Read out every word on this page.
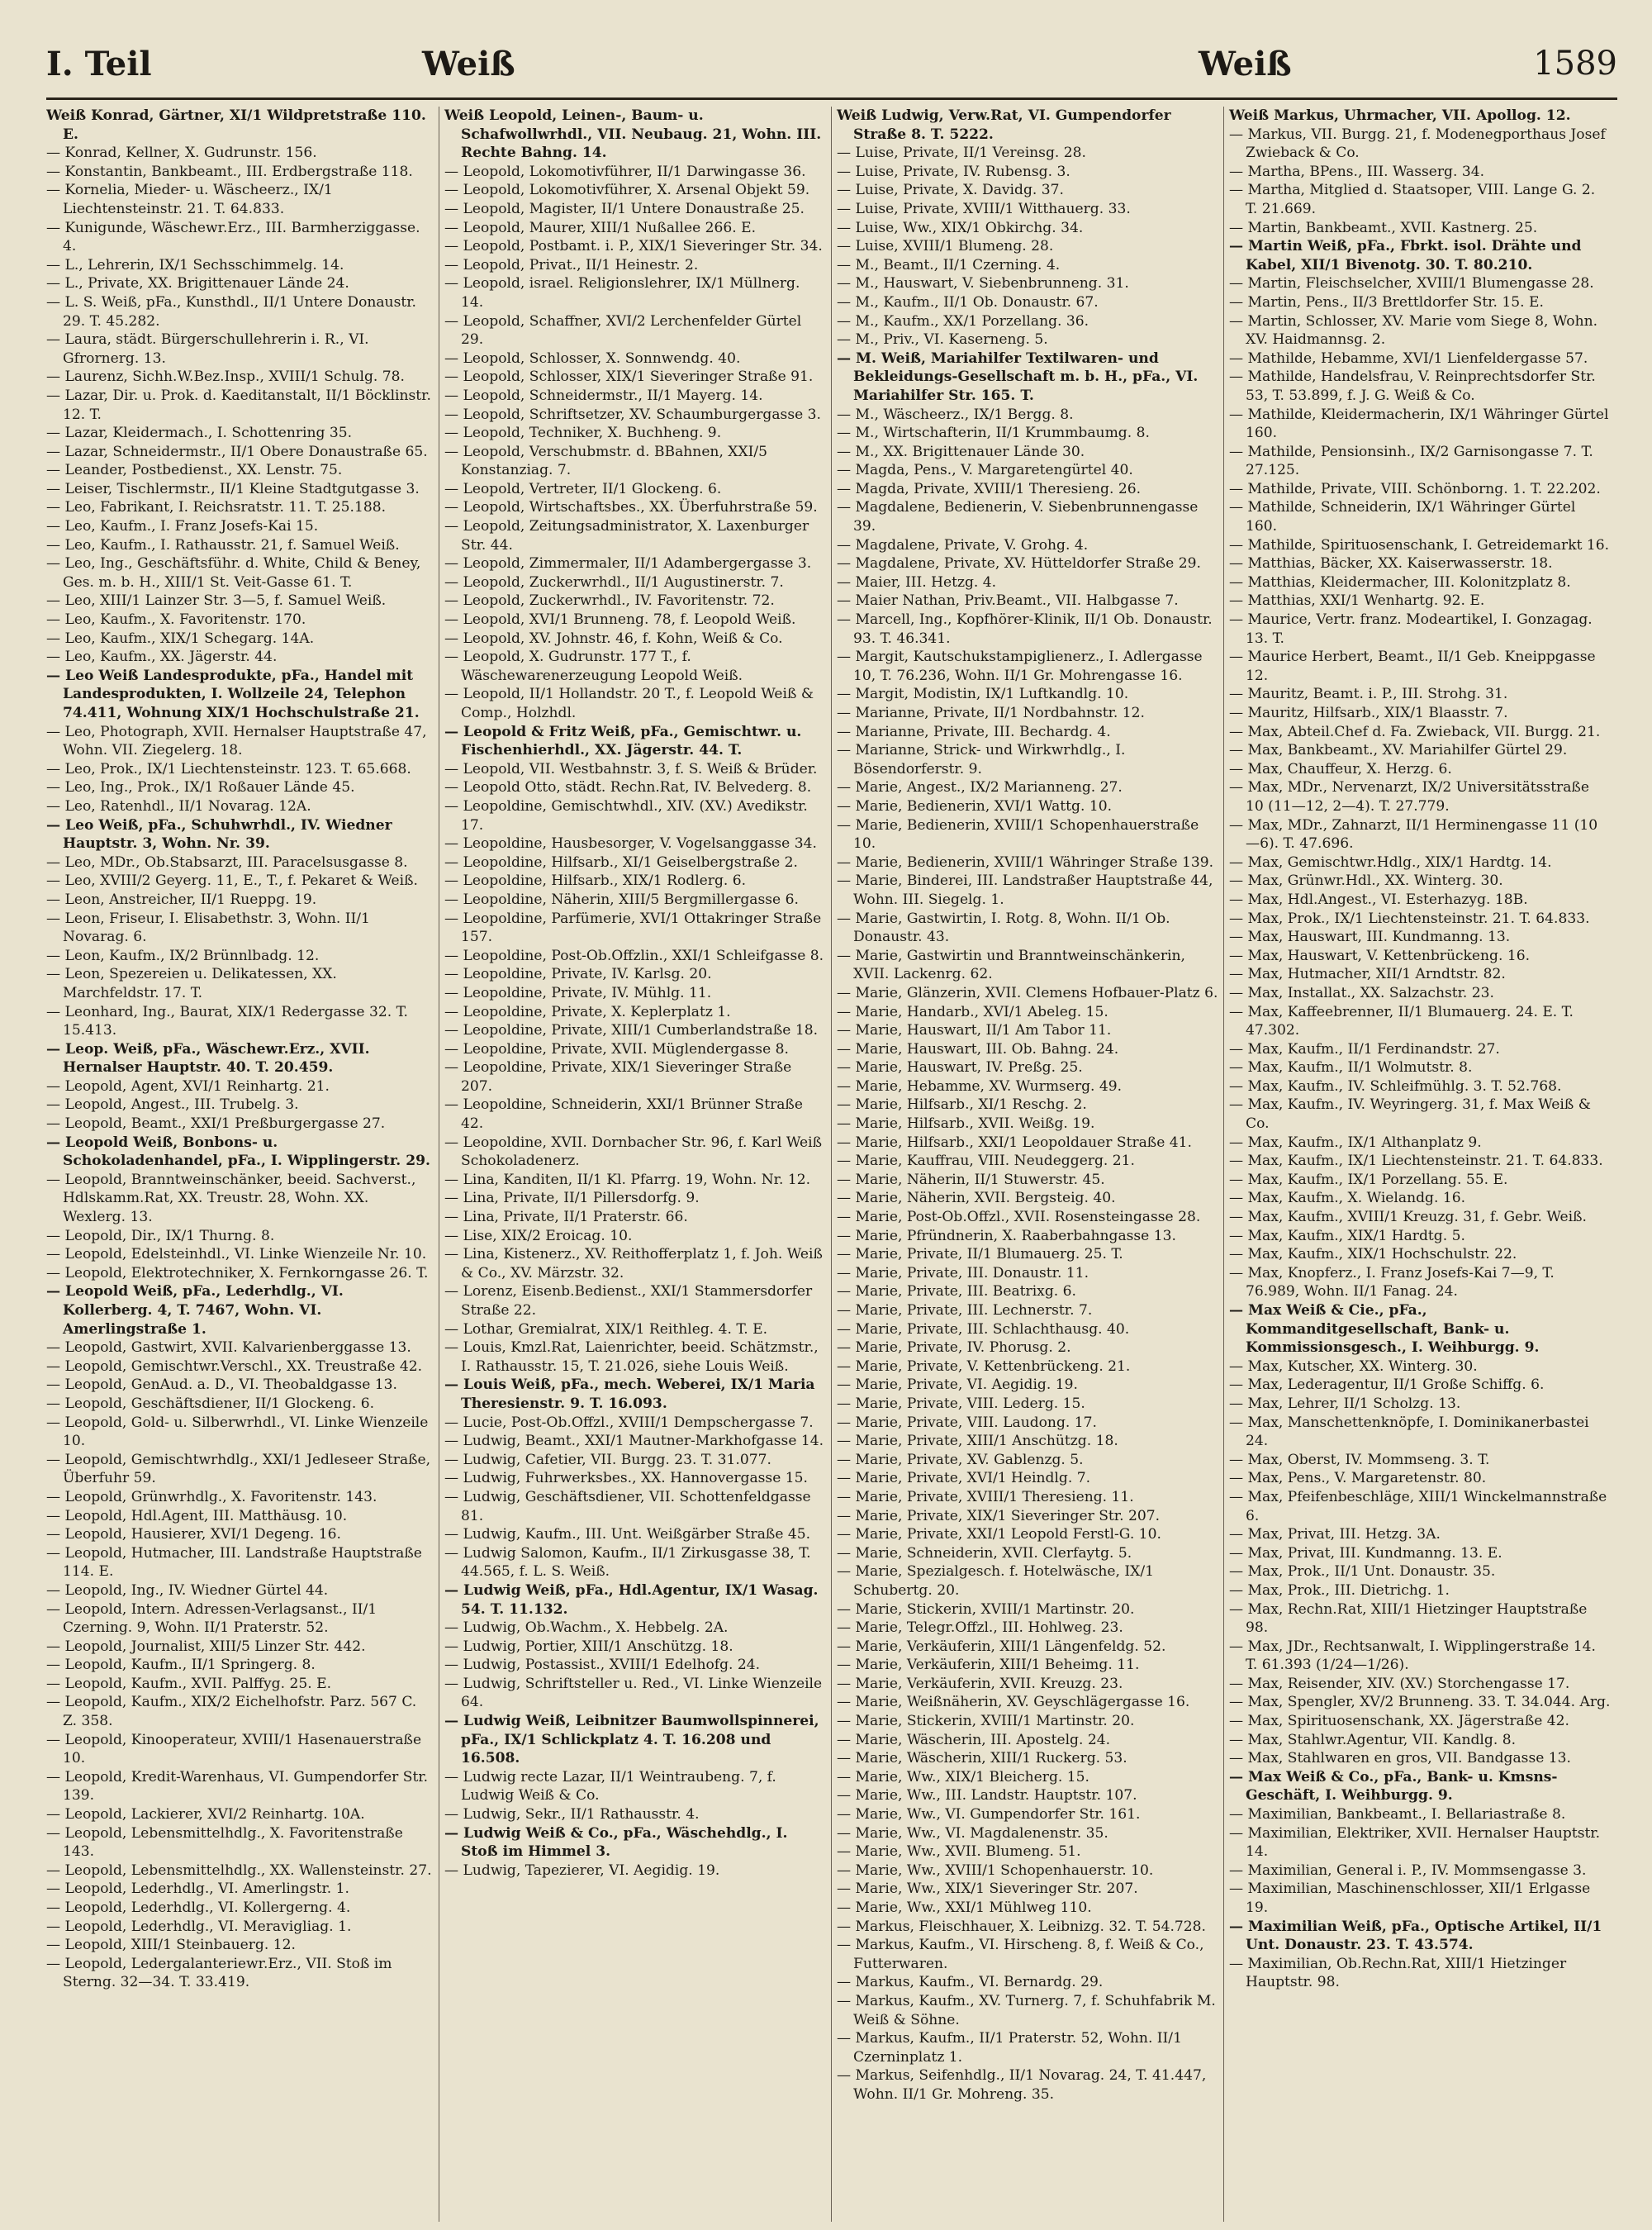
I. Teil	Weiß	Weiß	1589

Weiß Konrad, Gärtner, XI/1 Wildpretstraße 110. E.

— Konrad, Kellner, X. Gudrunstr. 156.

— Konstantin, Bankbeamt., III. Erdbergstraße 118.

— Kornelia, Mieder- u. Wäscheerz., IX/1 Liechtensteinstr. 21. T. 64.833.

— Kunigunde, Wäschewr.Erz., III. Barmherziggasse. 4.

— L., Lehrerin, IX/1 Sechsschimmelg. 14.

— L., Private, XX. Brigittenauer Lände 24.

— L. S. Weiß, pFa., Kunsthdl., II/1 Untere Donaustr. 29. T. 45.282.

— Laura, städt. Bürgerschullehrerin i. R., VI. Gfrornerg. 13.

— Laurenz, Sichh.W.Bez.Insp., XVIII/1 Schulg. 78.

— Lazar, Dir. u. Prok. d. Kaeditanstalt, II/1 Böcklinstr. 12. T.

— Lazar, Kleidermach., I. Schottenring 35.

— Lazar, Schneidermstr., II/1 Obere Donaustraße 65.

— Leander, Postbedienst., XX. Lenstr. 75.

— Leiser, Tischlermstr., II/1 Kleine Stadtgutgasse 3.

— Leo, Fabrikant, I. Reichsratstr. 11. T. 25.188.

— Leo, Kaufm., I. Franz Josefs-Kai 15.

— Leo, Kaufm., I. Rathausstr. 21, f. Samuel Weiß.

— Leo, Ing., Geschäftsführ. d. White, Child & Beney, Ges. m. b. H., XIII/1 St. Veit-Gasse 61. T.

— Leo, XIII/1 Lainzer Str. 3—5, f. Samuel Weiß.

— Leo, Kaufm., X. Favoritenstr. 170.

— Leo, Kaufm., XIX/1 Schegarg. 14A.

— Leo, Kaufm., XX. Jägerstr. 44.

— Leo Weiß Landesprodukte, pFa., Handel mit Landesprodukten, I. Wollzeile 24, Telephon 74.411, Wohnung XIX/1 Hochschulstraße 21.

— Leo, Photograph, XVII. Hernalser Hauptstraße 47, Wohn. VII. Ziegelerg. 18.

— Leo, Prok., IX/1 Liechtensteinstr. 123. T. 65.668.

— Leo, Ing., Prok., IX/1 Roßauer Lände 45.

— Leo, Ratenhdl., II/1 Novarag. 12A.

— Leo Weiß, pFa., Schuhwrhdl., IV. Wiedner Hauptstr. 3, Wohn. Nr. 39.

— Leo, MDr., Ob.Stabsarzt, III. Paracelsusgasse 8.

— Leo, XVIII/2 Geyerg. 11, E., T., f. Pekaret & Weiß.

— Leon, Anstreicher, II/1 Rueppg. 19.

— Leon, Friseur, I. Elisabethstr. 3, Wohn. II/1 Novarag. 6.

— Leon, Kaufm., IX/2 Brünnlbadg. 12.

— Leon, Spezereien u. Delikatessen, XX. Marchfeldstr. 17. T.

— Leonhard, Ing., Baurat, XIX/1 Redergasse 32. T. 15.413.

— Leop. Weiß, pFa., Wäschewr.Erz., XVII. Hernalser Hauptstr. 40. T. 20.459.

— Leopold, Agent, XVI/1 Reinhartg. 21.

— Leopold, Angest., III. Trubelg. 3.

— Leopold, Beamt., XXI/1 Preßburgergasse 27.

— Leopold Weiß, Bonbons- u. Schokoladenhandel, pFa., I. Wipplingerstr. 29.

— Leopold, Branntweinschänker, beeid. Sachverst., Hdlskamm.Rat, XX. Treustr. 28, Wohn. XX. Wexlerg. 13.

— Leopold, Dir., IX/1 Thurng. 8.

— Leopold, Edelsteinhdl., VI. Linke Wienzeile Nr. 10.

— Leopold, Elektrotechniker, X. Fernkorngasse 26. T.

— Leopold Weiß, pFa., Lederhdlg., VI. Kollerberg. 4, T. 7467, Wohn. VI. Amerlingstraße 1.

— Leopold, Gastwirt, XVII. Kalvarienberggasse 13.

— Leopold, Gemischtwr.Verschl., XX. Treustraße 42.

— Leopold, GenAud. a. D., VI. Theobaldgasse 13.

— Leopold, Geschäftsdiener, II/1 Glockeng. 6.

— Leopold, Gold- u. Silberwrhdl., VI. Linke Wienzeile 10.

— Leopold, Gemischtwrhdlg., XXI/1 Jedleseer Straße, Überfuhr 59.

— Leopold, Grünwrhdlg., X. Favoritenstr. 143.

— Leopold, Hdl.Agent, III. Matthäusg. 10.

— Leopold, Hausierer, XVI/1 Degeng. 16.

— Leopold, Hutmacher, III. Landstraße Hauptstraße 114. E.

— Leopold, Ing., IV. Wiedner Gürtel 44.

— Leopold, Intern. Adressen-Verlagsanst., II/1 Czerning. 9, Wohn. II/1 Praterstr. 52.

— Leopold, Journalist, XIII/5 Linzer Str. 442.

— Leopold, Kaufm., II/1 Springerg. 8.

— Leopold, Kaufm., XVII. Palffyg. 25. E.

— Leopold, Kaufm., XIX/2 Eichelhofstr. Parz. 567 C. Z. 358.

— Leopold, Kinooperateur, XVIII/1 Hasenauerstraße 10.

— Leopold, Kredit-Warenhaus, VI. Gumpendorfer Str. 139.

— Leopold, Lackierer, XVI/2 Reinhartg. 10A.

— Leopold, Lebensmittelhdlg., X. Favoritenstraße 143.

— Leopold, Lebensmittelhdlg., XX. Wallensteinstr. 27.

— Leopold, Lederhdlg., VI. Amerlingstr. 1.

— Leopold, Lederhdlg., VI. Kollergerng. 4.

— Leopold, Lederhdlg., VI. Meravigliag. 1.

— Leopold, XIII/1 Steinbauerg. 12.

— Leopold, Ledergalanteriewr.Erz., VII. Stoß im Sterng. 32—34. T. 33.419.

Weiß Leopold, Leinen-, Baum- u. Schafwollwrhdl., VII. Neubaug. 21, Wohn. III. Rechte Bahng. 14.

— Leopold, Lokomotivführer, II/1 Darwingasse 36.

— Leopold, Lokomotivführer, X. Arsenal Objekt 59.

— Leopold, Magister, II/1 Untere Donaustraße 25.

— Leopold, Maurer, XIII/1 Nußallee 266. E.

— Leopold, Postbamt. i. P., XIX/1 Sieveringer Str. 34.

— Leopold, Privat., II/1 Heinestr. 2.

— Leopold, israel. Religionslehrer, IX/1 Müllnerg. 14.

— Leopold, Schaffner, XVI/2 Lerchenfelder Gürtel 29.

— Leopold, Schlosser, X. Sonnwendg. 40.

— Leopold, Schlosser, XIX/1 Sieveringer Straße 91.

— Leopold, Schneidermstr., II/1 Mayerg. 14.

— Leopold, Schriftsetzer, XV. Schaumburgergasse 3.

— Leopold, Techniker, X. Buchheng. 9.

— Leopold, Verschubmstr. d. BBahnen, XXI/5 Konstanziag. 7.

— Leopold, Vertreter, II/1 Glockeng. 6.

— Leopold, Wirtschaftsbes., XX. Überfuhrstraße 59.

— Leopold, Zeitungsadministrator, X. Laxenburger Str. 44.

— Leopold, Zimmermaler, II/1 Adambergergasse 3.

— Leopold, Zuckerwrhdl., II/1 Augustinerstr. 7.

— Leopold, Zuckerwrhdl., IV. Favoritenstr. 72.

— Leopold, XVI/1 Brunneng. 78, f. Leopold Weiß.

— Leopold, XV. Johnstr. 46, f. Kohn, Weiß & Co.

— Leopold, X. Gudrunstr. 177 T., f. Wäschewarenerzeugung Leopold Weiß.

— Leopold, II/1 Hollandstr. 20 T., f. Leopold Weiß & Comp., Holzhdl.

— Leopold & Fritz Weiß, pFa., Gemischtwr. u. Fischenhierhdl., XX. Jägerstr. 44. T.

— Leopold, VII. Westbahnstr. 3, f. S. Weiß & Brüder.

— Leopold Otto, städt. Rechn.Rat, IV. Belvederg. 8.

— Leopoldine, Gemischtwhdl., XIV. (XV.) Avedikstr. 17.

— Leopoldine, Hausbesorger, V. Vogelsanggasse 34.

— Leopoldine, Hilfsarb., XI/1 Geiselbergstraße 2.

— Leopoldine, Hilfsarb., XIX/1 Rodlerg. 6.

— Leopoldine, Näherin, XIII/5 Bergmillergasse 6.

— Leopoldine, Parfümerie, XVI/1 Ottakringer Straße 157.

— Leopoldine, Post-Ob.Offzlin., XXI/1 Schleifgasse 8.

— Leopoldine, Private, IV. Karlsg. 20.

— Leopoldine, Private, IV. Mühlg. 11.

— Leopoldine, Private, X. Keplerplatz 1.

— Leopoldine, Private, XIII/1 Cumberlandstraße 18.

— Leopoldine, Private, XVII. Müglendergasse 8.

— Leopoldine, Private, XIX/1 Sieveringer Straße 207.

— Leopoldine, Schneiderin, XXI/1 Brünner Straße 42.

— Leopoldine, XVII. Dornbacher Str. 96, f. Karl Weiß Schokoladenerz.

— Lina, Kanditen, II/1 Kl. Pfarrg. 19, Wohn. Nr. 12.

— Lina, Private, II/1 Pillersdorfg. 9.

— Lina, Private, II/1 Praterstr. 66.

— Lise, XIX/2 Eroicag. 10.

— Lina, Kistenerz., XV. Reithofferplatz 1, f. Joh. Weiß & Co., XV. Märzstr. 32.

— Lorenz, Eisenb.Bedienst., XXI/1 Stammersdorfer Straße 22.

— Lothar, Gremialrat, XIX/1 Reithleg. 4. T. E.

— Louis, Kmzl.Rat, Laienrichter, beeid. Schätzmstr., I. Rathausstr. 15, T. 21.026, siehe Louis Weiß.

— Louis Weiß, pFa., mech. Weberei, IX/1 Maria Theresienstr. 9. T. 16.093.

— Lucie, Post-Ob.Offzl., XVIII/1 Dempschergasse 7.

— Ludwig, Beamt., XXI/1 Mautner-Markhofgasse 14.

— Ludwig, Cafetier, VII. Burgg. 23. T. 31.077.

— Ludwig, Fuhrwerksbes., XX. Hannovergasse 15.

— Ludwig, Geschäftsdiener, VII. Schottenfeldgasse 81.

— Ludwig, Kaufm., III. Unt. Weißgärber Straße 45.

— Ludwig Salomon, Kaufm., II/1 Zirkusgasse 38, T. 44.565, f. L. S. Weiß.

— Ludwig Weiß, pFa., Hdl.Agentur, IX/1 Wasag. 54. T. 11.132.

— Ludwig, Ob.Wachm., X. Hebbelg. 2A.

— Ludwig, Portier, XIII/1 Anschützg. 18.

— Ludwig, Postassist., XVIII/1 Edelhofg. 24.

— Ludwig, Schriftsteller u. Red., VI. Linke Wienzeile 64.

— Ludwig Weiß, Leibnitzer Baumwollspinnerei, pFa., IX/1 Schlickplatz 4. T. 16.208 und 16.508.

— Ludwig recte Lazar, II/1 Weintraubeng. 7, f. Ludwig Weiß & Co.

— Ludwig, Sekr., II/1 Rathausstr. 4.

— Ludwig Weiß & Co., pFa., Wäschehdlg., I. Stoß im Himmel 3.

— Ludwig, Tapezierer, VI. Aegidig. 19.

Weiß Ludwig, Verw.Rat, VI. Gumpendorfer Straße 8. T. 5222.

— Luise, Private, II/1 Vereinsg. 28.

— Luise, Private, IV. Rubensg. 3.

— Luise, Private, X. Davidg. 37.

— Luise, Private, XVIII/1 Witthauerg. 33.

— Luise, Ww., XIX/1 Obkirchg. 34.

— Luise, XVIII/1 Blumeng. 28.

— M., Beamt., II/1 Czerning. 4.

— M., Hauswart, V. Siebenbrunneng. 31.

— M., Kaufm., II/1 Ob. Donaustr. 67.

— M., Kaufm., XX/1 Porzellang. 36.

— M., Priv., VI. Kaserneng. 5.

— M. Weiß, Mariahilfer Textilwaren- und Bekleidungs-Gesellschaft m. b. H., pFa., VI. Mariahilfer Str. 165. T.

— M., Wäscheerz., IX/1 Bergg. 8.

— M., Wirtschafterin, II/1 Krummbaumg. 8.

— M., XX. Brigittenauer Lände 30.

— Magda, Pens., V. Margaretengürtel 40.

— Magda, Private, XVIII/1 Theresieng. 26.

— Magdalene, Bedienerin, V. Siebenbrunnengasse 39.

— Magdalene, Private, V. Grohg. 4.

— Magdalene, Private, XV. Hütteldorfer Straße 29.

— Maier, III. Hetzg. 4.

— Maier Nathan, Priv.Beamt., VII. Halbgasse 7.

— Marcell, Ing., Kopfhörer-Klinik, II/1 Ob. Donaustr. 93. T. 46.341.

— Margit, Kautschukstampiglienerz., I. Adlergasse 10, T. 76.236, Wohn. II/1 Gr. Mohrengasse 16.

— Margit, Modistin, IX/1 Luftkandlg. 10.

— Marianne, Private, II/1 Nordbahnstr. 12.

— Marianne, Private, III. Bechardg. 4.

— Marianne, Strick- und Wirkwrhdlg., I. Bösendorferstr. 9.

— Marie, Angest., IX/2 Marianneng. 27.

— Marie, Bedienerin, XVI/1 Wattg. 10.

— Marie, Bedienerin, XVIII/1 Schopenhauerstraße 10.

— Marie, Bedienerin, XVIII/1 Währinger Straße 139.

— Marie, Binderei, III. Landstraßer Hauptstraße 44, Wohn. III. Siegelg. 1.

— Marie, Gastwirtin, I. Rotg. 8, Wohn. II/1 Ob. Donaustr. 43.

— Marie, Gastwirtin und Branntweinschänkerin, XVII. Lackenrg. 62.

— Marie, Glänzerin, XVII. Clemens Hofbauer-Platz 6.

— Marie, Handarb., XVI/1 Abeleg. 15.

— Marie, Hauswart, II/1 Am Tabor 11.

— Marie, Hauswart, III. Ob. Bahng. 24.

— Marie, Hauswart, IV. Preßg. 25.

— Marie, Hebamme, XV. Wurmserg. 49.

— Marie, Hilfsarb., XI/1 Reschg. 2.

— Marie, Hilfsarb., XVII. Weißg. 19.

— Marie, Hilfsarb., XXI/1 Leopoldauer Straße 41.

— Marie, Kauffrau, VIII. Neudeggerg. 21.

— Marie, Näherin, II/1 Stuwerstr. 45.

— Marie, Näherin, XVII. Bergsteig. 40.

— Marie, Post-Ob.Offzl., XVII. Rosensteingasse 28.

— Marie, Pfründnerin, X. Raaberbahngasse 13.

— Marie, Private, II/1 Blumauerg. 25. T.

— Marie, Private, III. Donaustr. 11.

— Marie, Private, III. Beatrixg. 6.

— Marie, Private, III. Lechnerstr. 7.

— Marie, Private, III. Schlachthausg. 40.

— Marie, Private, IV. Phorusg. 2.

— Marie, Private, V. Kettenbrückeng. 21.

— Marie, Private, VI. Aegidig. 19.

— Marie, Private, VIII. Lederg. 15.

— Marie, Private, VIII. Laudong. 17.

— Marie, Private, XIII/1 Anschützg. 18.

— Marie, Private, XV. Gablenzg. 5.

— Marie, Private, XVI/1 Heindlg. 7.

— Marie, Private, XVIII/1 Theresieng. 11.

— Marie, Private, XIX/1 Sieveringer Str. 207.

— Marie, Private, XXI/1 Leopold Ferstl-G. 10.

— Marie, Schneiderin, XVII. Clerfaytg. 5.

— Marie, Spezialgesch. f. Hotelwäsche, IX/1 Schubertg. 20.

— Marie, Stickerin, XVIII/1 Martinstr. 20.

— Marie, Telegr.Offzl., III. Hohlweg. 23.

— Marie, Verkäuferin, XIII/1 Längenfeldg. 52.

— Marie, Verkäuferin, XIII/1 Beheimg. 11.

— Marie, Verkäuferin, XVII. Kreuzg. 23.

— Marie, Weißnäherin, XV. Geyschlägergasse 16.

— Marie, Stickerin, XVIII/1 Martinstr. 20.

— Marie, Wäscherin, III. Apostelg. 24.

— Marie, Wäscherin, XIII/1 Ruckerg. 53.

— Marie, Ww., XIX/1 Bleicherg. 15.

— Marie, Ww., III. Landstr. Hauptstr. 107.

— Marie, Ww., VI. Gumpendorfer Str. 161.

— Marie, Ww., VI. Magdalenenstr. 35.

— Marie, Ww., XVII. Blumeng. 51.

— Marie, Ww., XVIII/1 Schopenhauerstr. 10.

— Marie, Ww., XIX/1 Sieveringer Str. 207.

— Marie, Ww., XXI/1 Mühlweg 110.

— Markus, Fleischhauer, X. Leibnizg. 32. T. 54.728.

— Markus, Kaufm., VI. Hirscheng. 8, f. Weiß & Co., Futterwaren.

— Markus, Kaufm., VI. Bernardg. 29.

— Markus, Kaufm., XV. Turnerg. 7, f. Schuhfabrik M. Weiß & Söhne.

— Markus, Kaufm., II/1 Praterstr. 52, Wohn. II/1 Czerninplatz 1.

— Markus, Seifenhdlg., II/1 Novarag. 24, T. 41.447, Wohn. II/1 Gr. Mohreng. 35.

Weiß Markus, Uhrmacher, VII. Apollog. 12.

— Markus, VII. Burgg. 21, f. Modenegporthaus Josef Zwieback & Co.

— Martha, BPens., III. Wasserg. 34.

— Martha, Mitglied d. Staatsoper, VIII. Lange G. 2. T. 21.669.

— Martin, Bankbeamt., XVII. Kastnerg. 25.

— Martin Weiß, pFa., Fbrkt. isol. Drähte und Kabel, XII/1 Bivenotg. 30. T. 80.210.

— Martin, Fleischselcher, XVIII/1 Blumengasse 28.

— Martin, Pens., II/3 Brettldorfer Str. 15. E.

— Martin, Schlosser, XV. Marie vom Siege 8, Wohn. XV. Haidmannsg. 2.

— Mathilde, Hebamme, XVI/1 Lienfeldergasse 57.

— Mathilde, Handelsfrau, V. Reinprechtsdorfer Str. 53, T. 53.899, f. J. G. Weiß & Co.

— Mathilde, Kleidermacherin, IX/1 Währinger Gürtel 160.

— Mathilde, Pensionsinh., IX/2 Garnisongasse 7. T. 27.125.

— Mathilde, Private, VIII. Schönborng. 1. T. 22.202.

— Mathilde, Schneiderin, IX/1 Währinger Gürtel 160.

— Mathilde, Spirituosenschank, I. Getreidemarkt 16.

— Matthias, Bäcker, XX. Kaiserwasserstr. 18.

— Matthias, Kleidermacher, III. Kolonitzplatz 8.

— Matthias, XXI/1 Wenhartg. 92. E.

— Maurice, Vertr. franz. Modeartikel, I. Gonzagag. 13. T.

— Maurice Herbert, Beamt., II/1 Geb. Kneippgasse 12.

— Mauritz, Beamt. i. P., III. Strohg. 31.

— Mauritz, Hilfsarb., XIX/1 Blaasstr. 7.

— Max, Abteil.Chef d. Fa. Zwieback, VII. Burgg. 21.

— Max, Bankbeamt., XV. Mariahilfer Gürtel 29.

— Max, Chauffeur, X. Herzg. 6.

— Max, MDr., Nervenarzt, IX/2 Universitätsstraße 10 (11—12, 2—4). T. 27.779.

— Max, MDr., Zahnarzt, II/1 Herminengasse 11 (10—6). T. 47.696.

— Max, Gemischtwr.Hdlg., XIX/1 Hardtg. 14.

— Max, Grünwr.Hdl., XX. Winterg. 30.

— Max, Hdl.Angest., VI. Esterhazyg. 18B.

— Max, Prok., IX/1 Liechtensteinstr. 21. T. 64.833.

— Max, Hauswart, III. Kundmanng. 13.

— Max, Hauswart, V. Kettenbrückeng. 16.

— Max, Hutmacher, XII/1 Arndtstr. 82.

— Max, Installat., XX. Salzachstr. 23.

— Max, Kaffeebrenner, II/1 Blumauerg. 24. E. T. 47.302.

— Max, Kaufm., II/1 Ferdinandstr. 27.

— Max, Kaufm., II/1 Wolmutstr. 8.

— Max, Kaufm., IV. Schleifmühlg. 3. T. 52.768.

— Max, Kaufm., IV. Weyringerg. 31, f. Max Weiß & Co.

— Max, Kaufm., IX/1 Althanplatz 9.

— Max, Kaufm., IX/1 Liechtensteinstr. 21. T. 64.833.

— Max, Kaufm., IX/1 Porzellang. 55. E.

— Max, Kaufm., X. Wielandg. 16.

— Max, Kaufm., XVIII/1 Kreuzg. 31, f. Gebr. Weiß.

— Max, Kaufm., XIX/1 Hardtg. 5.

— Max, Kaufm., XIX/1 Hochschulstr. 22.

— Max, Knopferz., I. Franz Josefs-Kai 7—9, T. 76.989, Wohn. II/1 Fanag. 24.

— Max Weiß & Cie., pFa., Kommanditgesellschaft, Bank- u. Kommissionsgesch., I. Weihburgg. 9.

— Max, Kutscher, XX. Winterg. 30.

— Max, Lederagentur, II/1 Große Schiffg. 6.

— Max, Lehrer, II/1 Scholzg. 13.

— Max, Manschettenknöpfe, I. Dominikanerbastei 24.

— Max, Oberst, IV. Mommseng. 3. T.

— Max, Pens., V. Margaretenstr. 80.

— Max, Pfeifenbeschläge, XIII/1 Winckelmannstraße 6.

— Max, Privat, III. Hetzg. 3A.

— Max, Privat, III. Kundmanng. 13. E.

— Max, Prok., II/1 Unt. Donaustr. 35.

— Max, Prok., III. Dietrichg. 1.

— Max, Rechn.Rat, XIII/1 Hietzinger Hauptstraße 98.

— Max, JDr., Rechtsanwalt, I. Wipplingerstraße 14. T. 61.393 (1/24—1/26).

— Max, Reisender, XIV. (XV.) Storchengasse 17.

— Max, Spengler, XV/2 Brunneng. 33. T. 34.044. Arg.

— Max, Spirituosenschank, XX. Jägerstraße 42.

— Max, Stahlwr.Agentur, VII. Kandlg. 8.

— Max, Stahlwaren en gros, VII. Bandgasse 13.

— Max Weiß & Co., pFa., Bank- u. Kmsns-Geschäft, I. Weihburgg. 9.

— Maximilian, Bankbeamt., I. Bellariastraße 8.

— Maximilian, Elektriker, XVII. Hernalser Hauptstr. 14.

— Maximilian, General i. P., IV. Mommsengasse 3.

— Maximilian, Maschinenschlosser, XII/1 Erlgasse 19.

— Maximilian Weiß, pFa., Optische Artikel, II/1 Unt. Donaustr. 23. T. 43.574.

— Maximilian, Ob.Rechn.Rat, XIII/1 Hietzinger Hauptstr. 98.
